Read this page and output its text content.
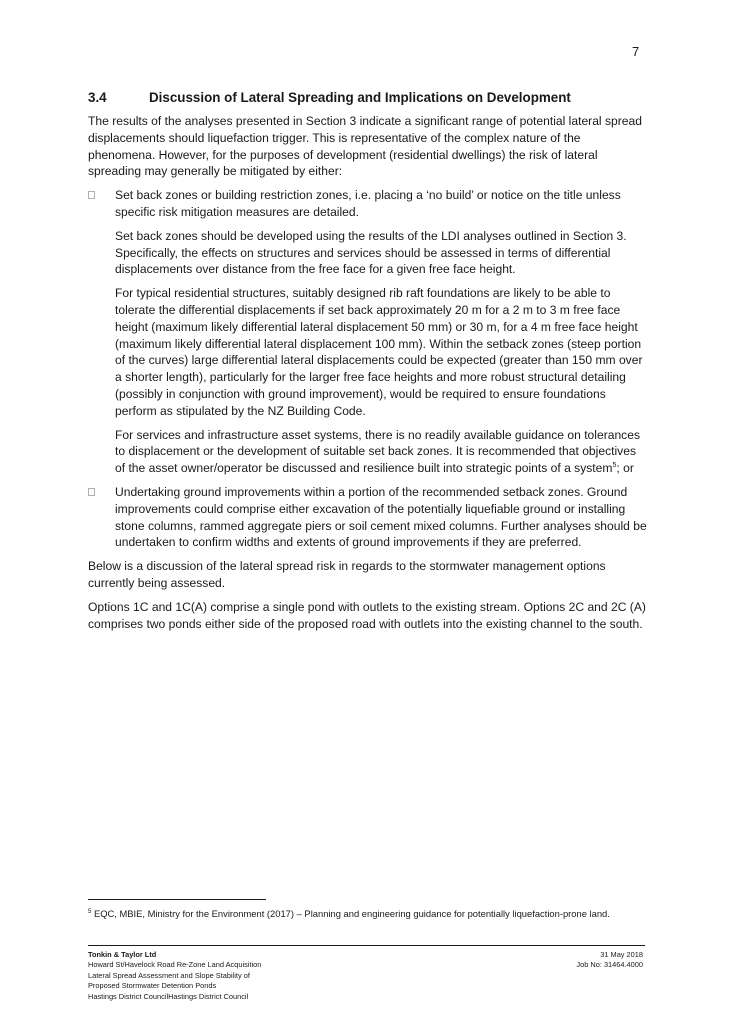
7
3.4	Discussion of Lateral Spreading and Implications on Development

The results of the analyses presented in Section 3 indicate a significant range of potential lateral spread displacements should liquefaction trigger. This is representative of the complex nature of the phenomena. However, for the purposes of development (residential dwellings) the risk of lateral spreading may generally be mitigated by either:

Set back zones or building restriction zones, i.e. placing a ‘no build’ or notice on the title unless specific risk mitigation measures are detailed.

Set back zones should be developed using the results of the LDI analyses outlined in Section 3. Specifically, the effects on structures and services should be assessed in terms of differential displacements over distance from the free face for a given free face height.

For typical residential structures, suitably designed rib raft foundations are likely to be able to tolerate the differential displacements if set back approximately 20 m for a 2 m to 3 m free face height (maximum likely differential lateral displacement 50 mm) or 30 m, for a 4 m free face height (maximum likely differential lateral displacement 100 mm). Within the setback zones (steep portion of the curves) large differential lateral displacements could be expected (greater than 150 mm over a shorter length), particularly for the larger free face heights and more robust structural detailing (possibly in conjunction with ground improvement), would be required to ensure foundations perform as stipulated by the NZ Building Code.

For services and infrastructure asset systems, there is no readily available guidance on tolerances to displacement or the development of suitable set back zones. It is recommended that objectives of the asset owner/operator be discussed and resilience built into strategic points of a system$^5$; or

Undertaking ground improvements within a portion of the recommended setback zones. Ground improvements could comprise either excavation of the potentially liquefiable ground or installing stone columns, rammed aggregate piers or soil cement mixed columns. Further analyses should be undertaken to confirm widths and extents of ground improvements if they are preferred.

Below is a discussion of the lateral spread risk in regards to the stormwater management options currently being assessed.

Options 1C and 1C(A) comprise a single pond with outlets to the existing stream. Options 2C and 2C (A) comprises two ponds either side of the proposed road with outlets into the existing channel to the south.

$^5$ EQC, MBIE, Ministry for the Environment (2017) – Planning and engineering guidance for potentially liquefaction-prone land.
Tonkin & Taylor Ltd
Howard St/Havelock Road Re-Zone Land Acquisition
Lateral Spread Assessment and Slope Stability of
Proposed Stormwater Detention Ponds
Hastings District CouncilHastings District Council
31 May 2018
Job No: 31464.4000
